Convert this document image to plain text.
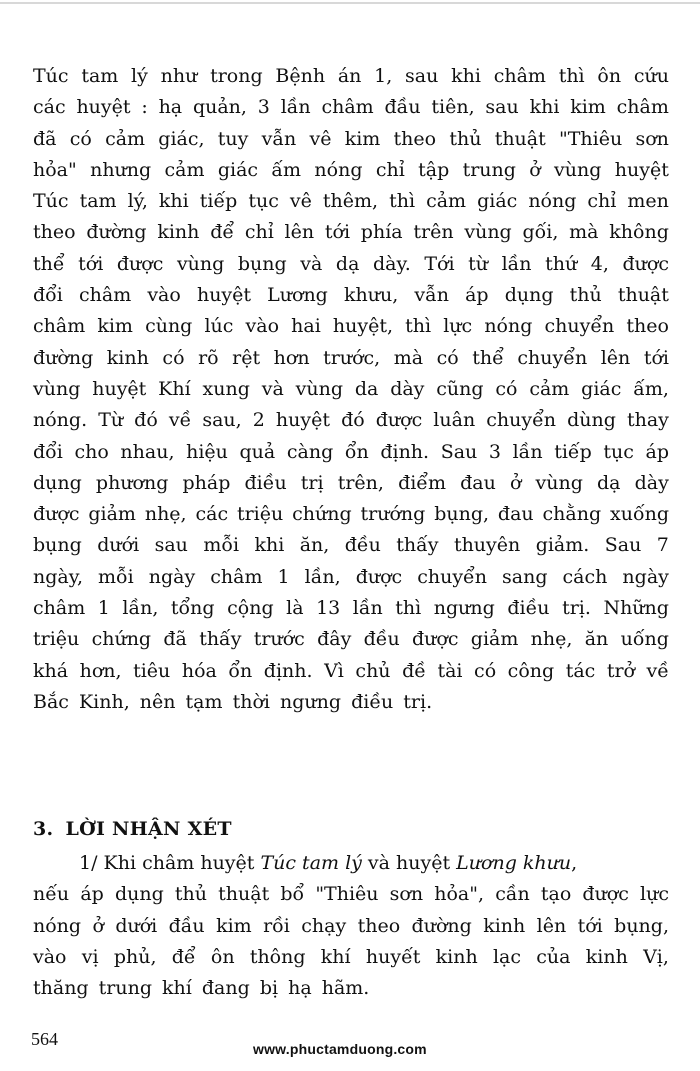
Túc tam lý như trong Bệnh án 1, sau khi châm thì ôn cứu
các huyệt : hạ quản, 3 lần châm đầu tiên, sau khi kim châm
đã có cảm giác, tuy vẫn vê kim theo thủ thuật "Thiêu sơn
hỏa" nhưng cảm giác ấm nóng chỉ tập trung ở vùng huyệt
Túc tam lý, khi tiếp tục vê thêm, thì cảm giác nóng chỉ men
theo đường kinh để chỉ lên tới phía trên vùng gối, mà không
thể tới được vùng bụng và dạ dày. Tới từ lần thứ 4, được
đổi châm vào huyệt Lương khưu, vẫn áp dụng thủ thuật
châm kim cùng lúc vào hai huyệt, thì lực nóng chuyển theo
đường kinh có rõ rệt hơn trước, mà có thể chuyển lên tới
vùng huyệt Khí xung và vùng da dày cũng có cảm giác ấm,
nóng. Từ đó về sau, 2 huyệt đó được luân chuyển dùng thay
đổi cho nhau, hiệu quả càng ổn định. Sau 3 lần tiếp tục áp
dụng phương pháp điều trị trên, điểm đau ở vùng dạ dày
được giảm nhẹ, các triệu chứng trướng bụng, đau chằng xuống
bụng dưới sau mỗi khi ăn, đều thấy thuyên giảm. Sau 7
ngày, mỗi ngày châm 1 lần, được chuyển sang cách ngày
châm 1 lần, tổng cộng là 13 lần thì ngưng điều trị. Những
triệu chứng đã thấy trước đây đều được giảm nhẹ, ăn uống
khá hơn, tiêu hóa ổn định. Vì chủ đề tài có công tác trở về
Bắc Kinh, nên tạm thời ngưng điều trị.
3. LỜI NHẬN XÉT
1/ Khi châm huyệt Túc tam lý và huyệt Lương khưu,
nếu áp dụng thủ thuật bổ "Thiêu sơn hỏa", cần tạo được lực
nóng ở dưới đầu kim rồi chạy theo đường kinh lên tới bụng,
vào vị phủ, để ôn thông khí huyết kinh lạc của kinh Vị,
thăng trung khí đang bị hạ hãm.
564	www.phuctamduong.com
